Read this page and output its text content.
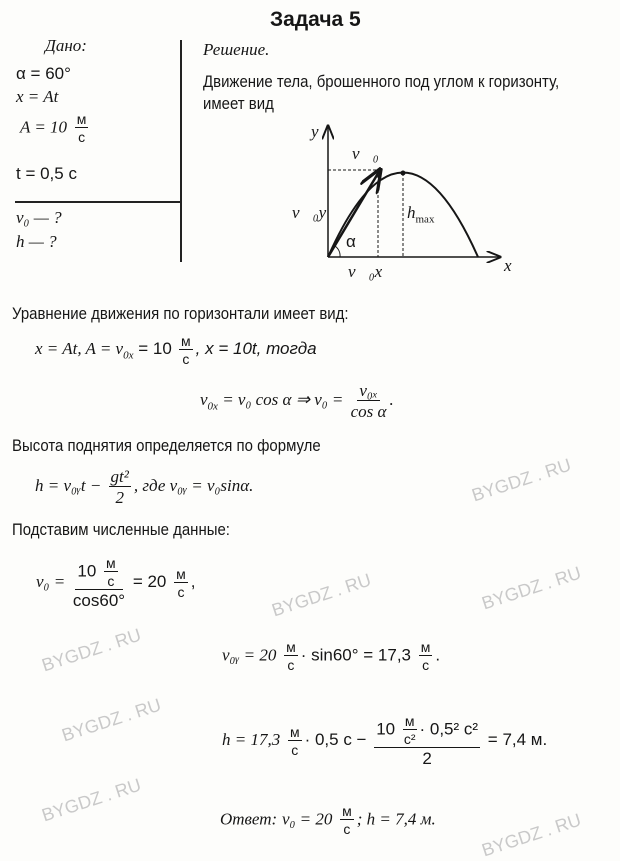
Задача 5
Дано:
α = 60°
x = At
$A = 10 \frac{м}{с}$
t = 0,5 с
v₀ — ?
h — ?
Решение.
Движение тела, брошенного под углом к горизонту,
имеет вид
y
x
v⃗₀
v⃗₀y
v⃗₀x
α
$h_{max}$
Уравнение движения по горизонтали имеет вид:
x = At, $A = v_{0x} = 10 \frac{м}{с}$ , x = 10t, тогда
$v_{0x} = v_0$ cos α ⇒ $v_0 = \frac{\text{v₀ₓ}}{\text{cos α}}$ .
Высота поднятия определяется по формуле
h = v₀ᵧt − $\frac{\text{gt²}}{2}$ , где v₀ᵧ = v₀sinα.
Подставим численные данные:
$v_0 = \frac{10 \frac{м}{с}}{\cos 60^\circ} = 20 \frac{м}{с}$ ,
v₀ᵧ = $20 \frac{м}{с} \cdot \sin 60^\circ = 17,3 \frac{м}{с}$ .
$h = 17,3 \frac{м}{с} \cdot 0,5$ $с - \frac{10 \frac{м}{\text{с²}} \cdot 0,5^2 с^2}{2} = 7,4$ м.
Ответ: $v_0 = 20 \frac{м}{с}$ ; h = 7,4 м.
BYGDZ . RU
BYGDZ . RU
BYGDZ . RU
BYGDZ . RU
BYGDZ . RU
BYGDZ . RU
BYGDZ . RU
